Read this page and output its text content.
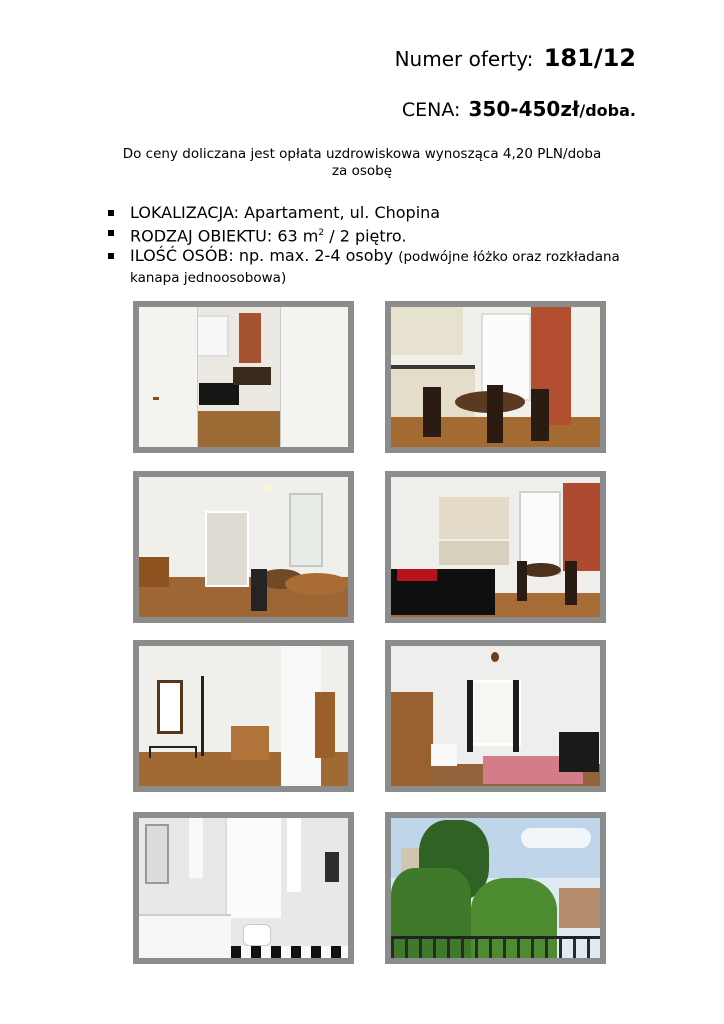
Numer oferty: 181/12
CENA: 350-450zł/doba.
Do ceny doliczana jest opłata uzdrowiskowa wynosząca 4,20 PLN/doba
za osobę
LOKALIZACJA: Apartament, ul. Chopina
RODZAJ OBIEKTU: 63 $m^2 / 2$ piętro.
ILOŚĆ OSÓB: np. max. 2-4 osoby (podwójne łóżko oraz rozkładana kanapa jednoosobowa)
